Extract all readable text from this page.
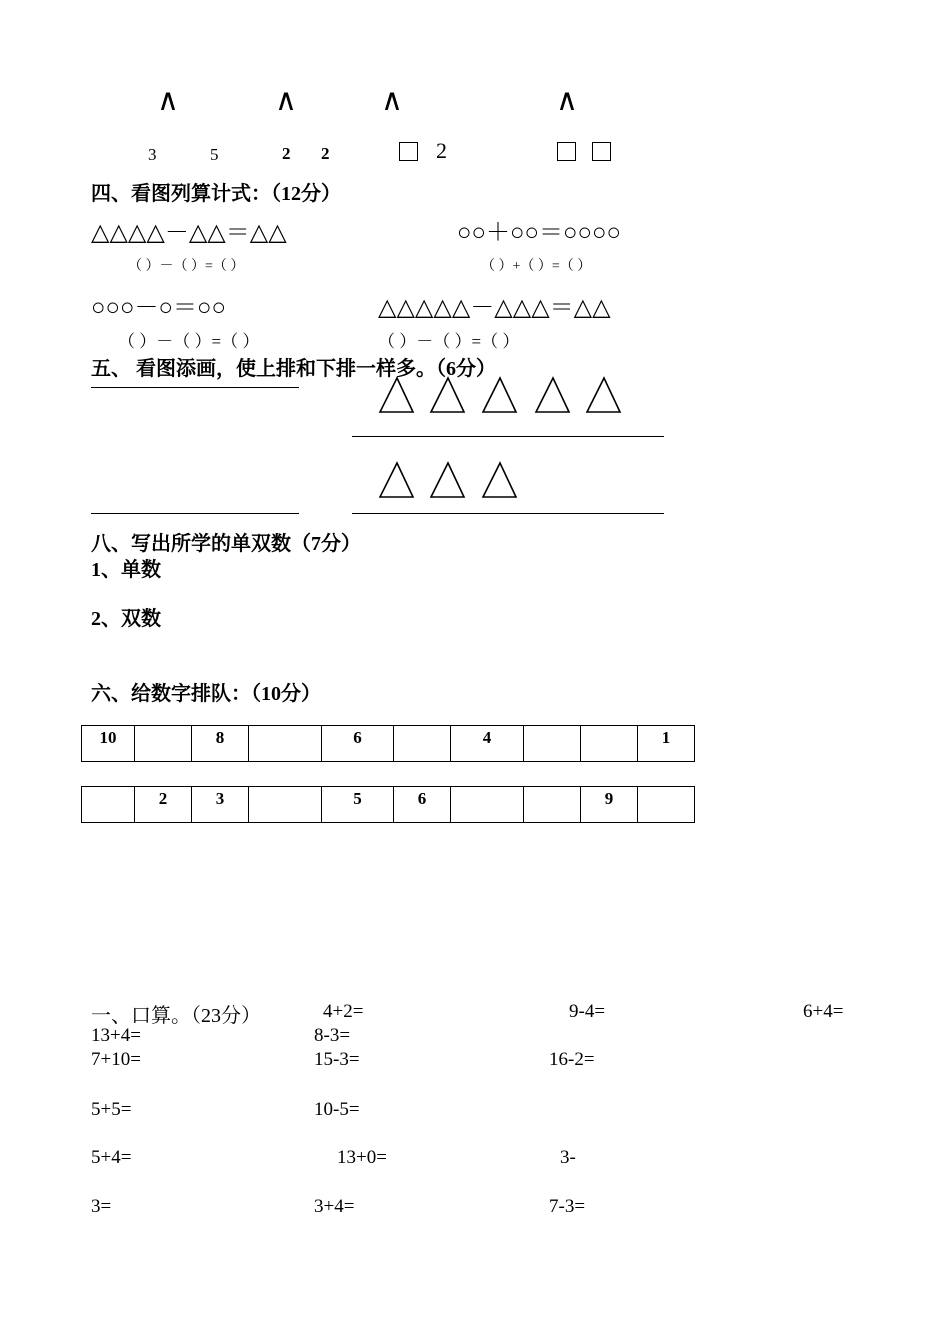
∧	∧	∧	∧
3	5	2 2	2
四、看图列算计式：（12分）
△△△△－△△＝△△
（ ）－（ ）=（ ）
○○＋○○＝○○○○
（ ）+（ ）=（ ）
○○○－○＝○○
（ ）－（ ）=（ ）
△△△△△－△△△＝△△
（ ）－（ ）=（ ）
五、 看图添画，使上排和下排一样多。（6分）
八、写出所学的单双数（7分）
1、单数
2、双数
六、给数字排队：（10分）
10		8		6		4			1
	2	3		5	6			9	
一、口算。（23分）	4+2=	9-4=	6+4=
13+4=	8-3=
7+10=	15-3=	16-2=
5+5=	10-5=
5+4=	13+0=	3-
3=	3+4=	7-3=
